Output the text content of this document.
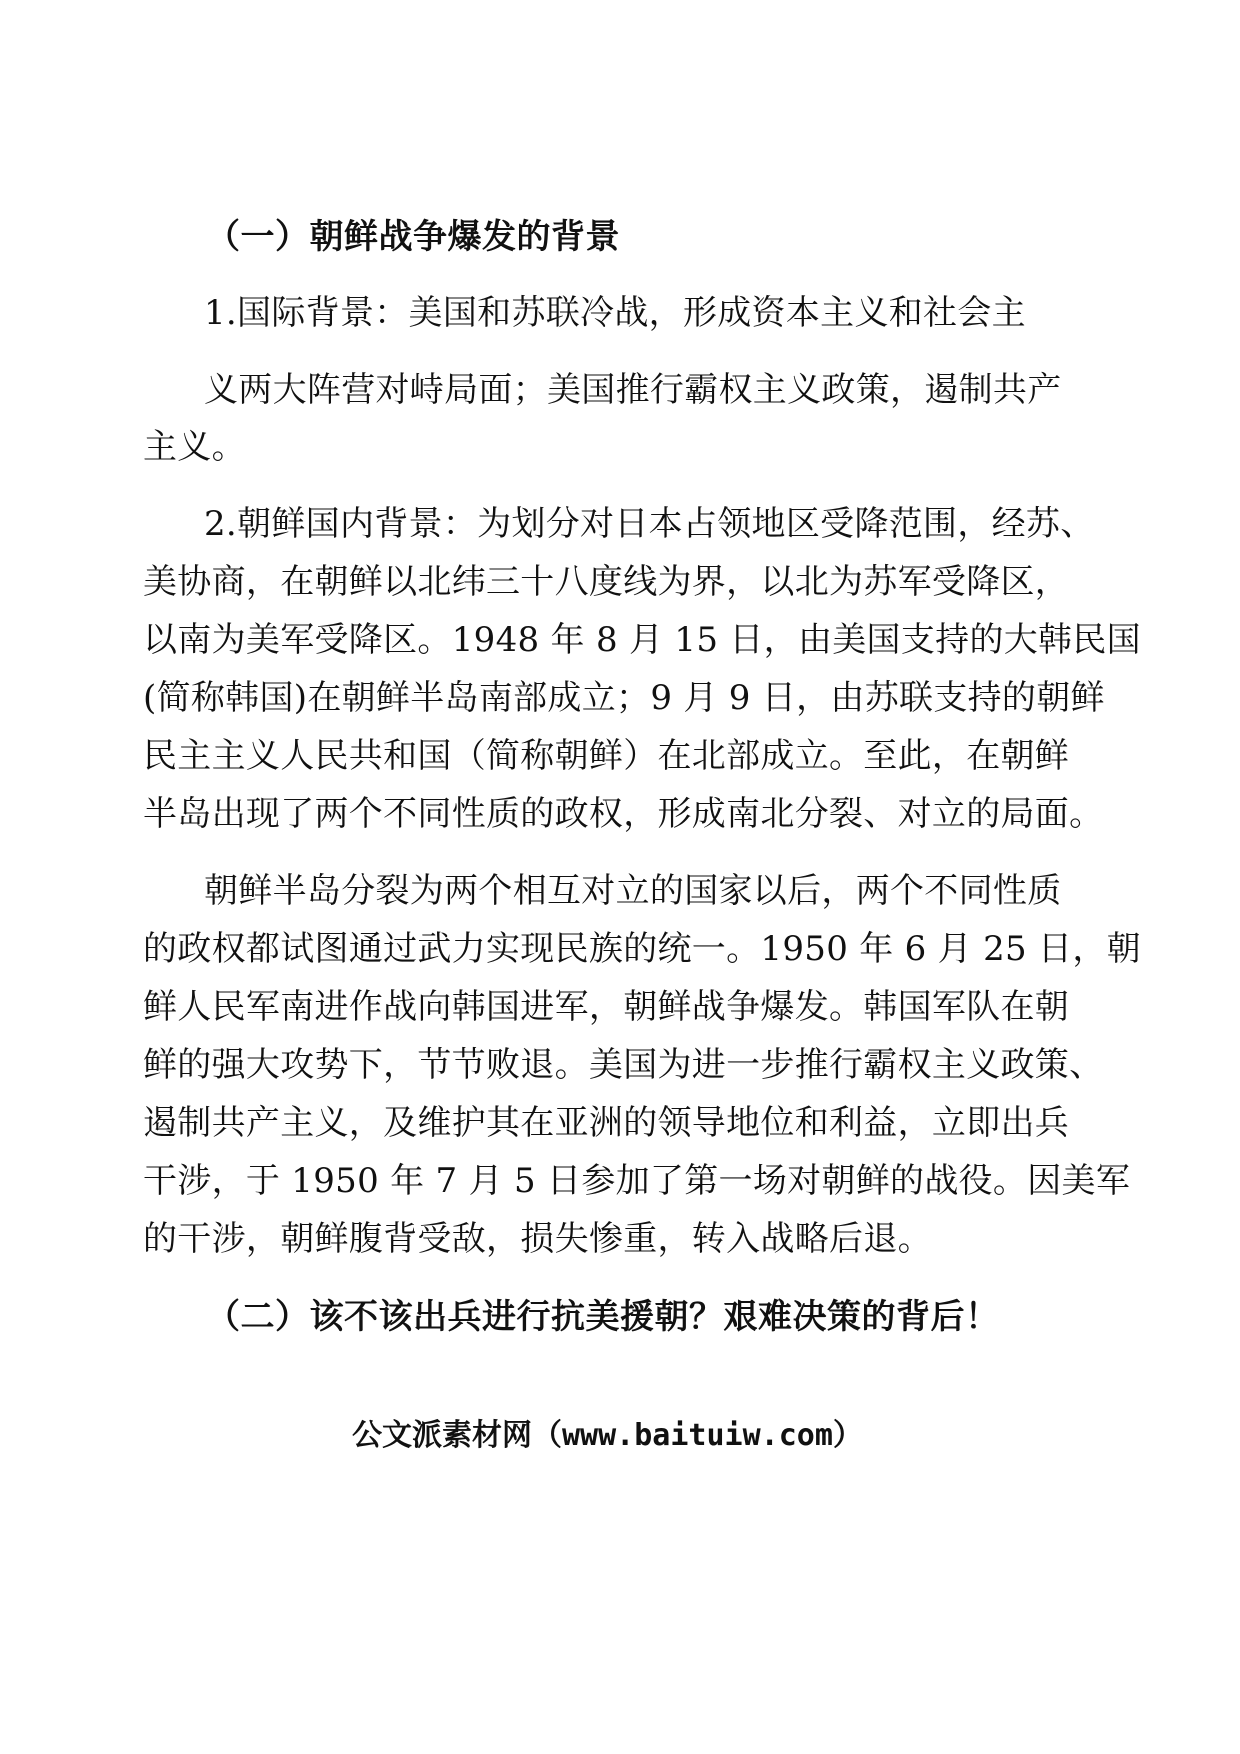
（一）朝鲜战争爆发的背景
1.国际背景：美国和苏联冷战，形成资本主义和社会主
义两大阵营对峙局面；美国推行霸权主义政策，遏制共产
主义。
2.朝鲜国内背景：为划分对日本占领地区受降范围，经苏、
美协商，在朝鲜以北纬三十八度线为界，以北为苏军受降区，
以南为美军受降区。1948 年 8 月 15 日，由美国支持的大韩民国
(简称韩国)在朝鲜半岛南部成立；9 月 9 日，由苏联支持的朝鲜
民主主义人民共和国（简称朝鲜）在北部成立。至此，在朝鲜
半岛出现了两个不同性质的政权，形成南北分裂、对立的局面。
朝鲜半岛分裂为两个相互对立的国家以后，两个不同性质
的政权都试图通过武力实现民族的统一。1950 年 6 月 25 日，朝
鲜人民军南进作战向韩国进军，朝鲜战争爆发。韩国军队在朝
鲜的强大攻势下，节节败退。美国为进一步推行霸权主义政策、
遏制共产主义，及维护其在亚洲的领导地位和利益，立即出兵
干涉，于 1950 年 7 月 5 日参加了第一场对朝鲜的战役。因美军
的干涉，朝鲜腹背受敌，损失惨重，转入战略后退。
（二）该不该出兵进行抗美援朝？艰难决策的背后！
公文派素材网（www.baituiw.com）
